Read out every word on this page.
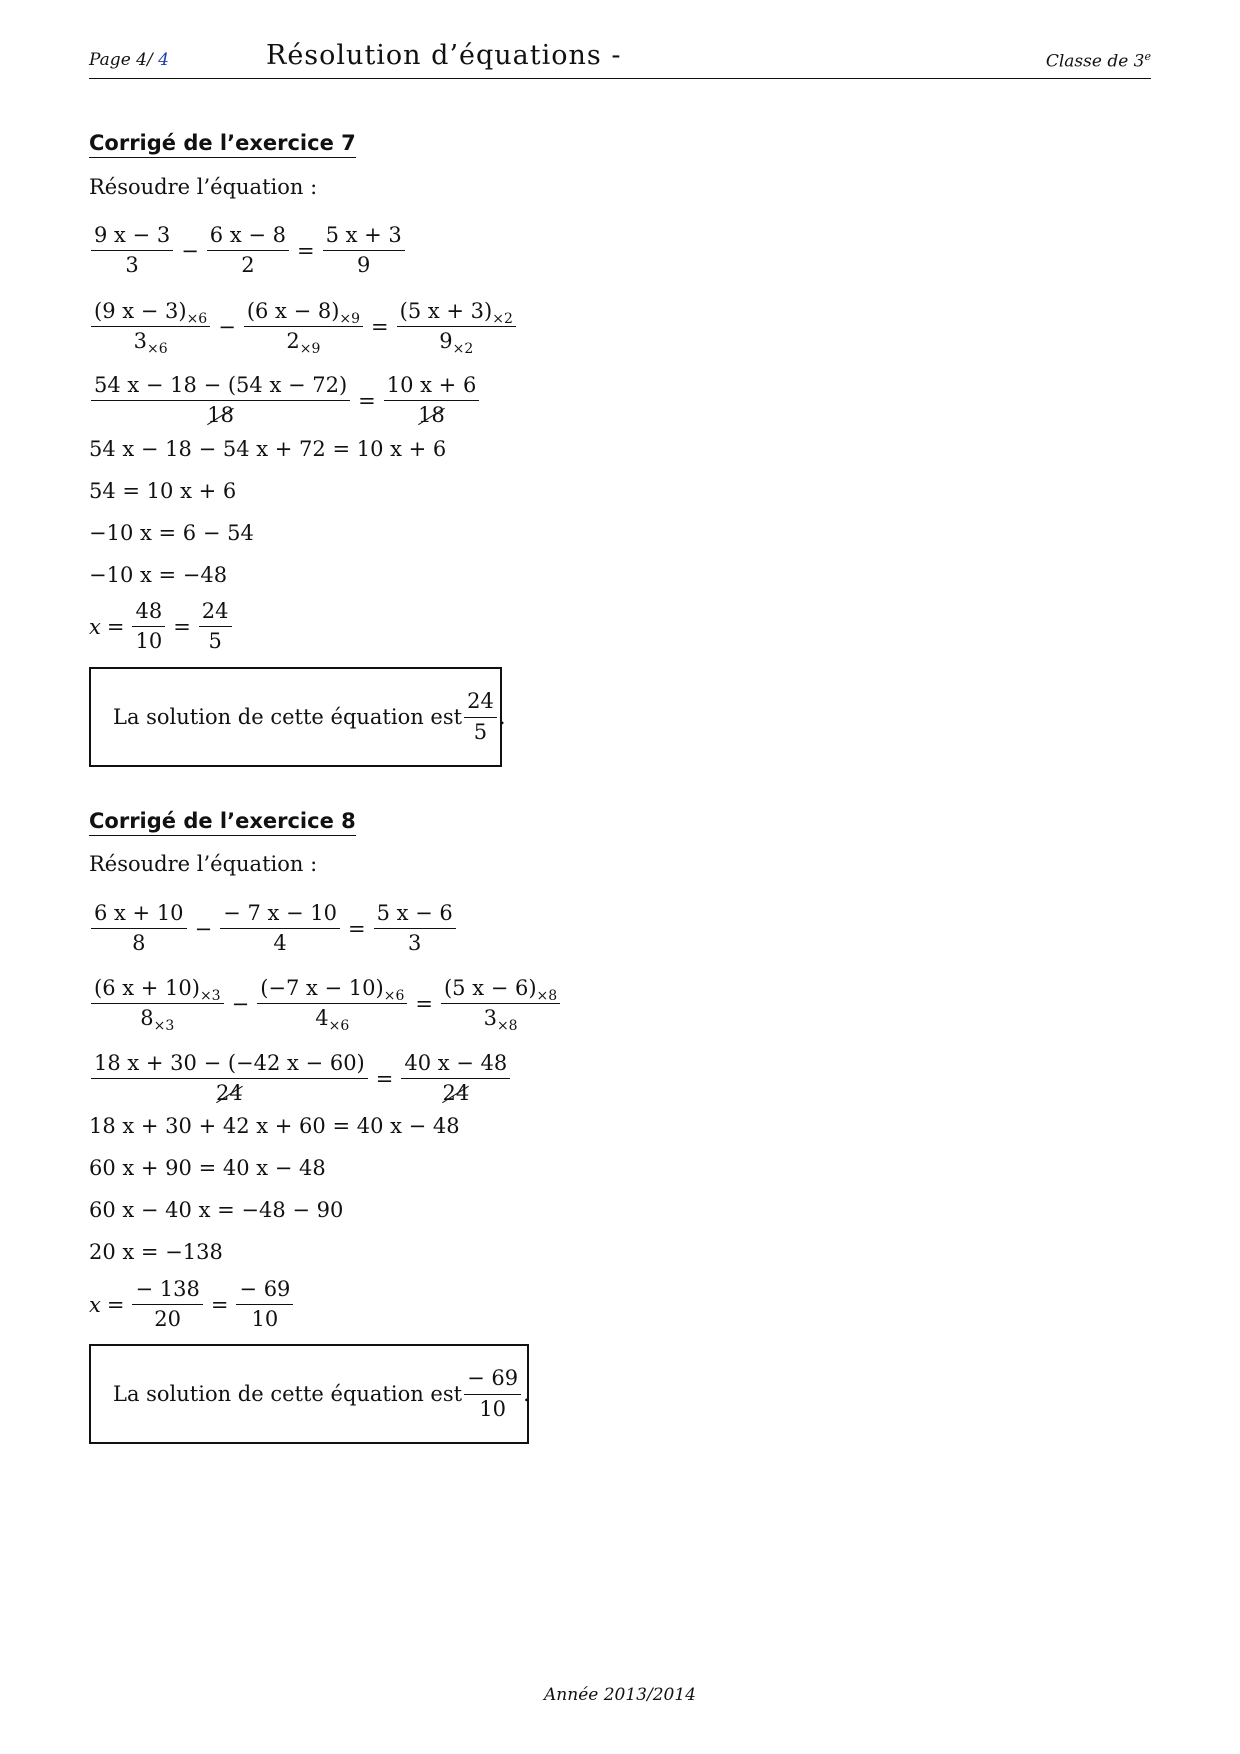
Page 4/ 4	Résolution d’équations -	Classe de 3e
Corrigé de l’exercice 7
Résoudre l’équation :
$\frac{9 x - 3}{3} - \frac{6 x - 8}{2} = \frac{5 x + 3}{9}$
$\frac{(9 x - 3)_{\times 6}}{3_{\times 6}} - \frac{(6 x - 8)_{\times 9}}{2_{\times 9}} = \frac{(5 x + 3)_{\times 2}}{9_{\times 2}}$
$\frac{54 x - 18 - (54 x - 72)}{18} = \frac{10 x + 6}{18}$
54 x − 18 − 54 x + 72 = 10 x + 6
54 = 10 x + 6
−10 x = 6 − 54
−10 x = −48
$x = \frac{48}{10} = \frac{24}{5}$
La solution de cette équation est $\frac{24}{5}$ .
Corrigé de l’exercice 8
Résoudre l’équation :
$\frac{6 x + 10}{8} - \frac{- 7 x - 10}{4} = \frac{5 x - 6}{3}$
$\frac{(6 x + 10)_{\times 3}}{8_{\times 3}} - \frac{(-7 x - 10)_{\times 6}}{4_{\times 6}} = \frac{(5 x - 6)_{\times 8}}{3_{\times 8}}$
$\frac{18 x + 30 - (-42 x - 60)}{24} = \frac{40 x - 48}{24}$
18 x + 30 + 42 x + 60 = 40 x − 48
60 x + 90 = 40 x − 48
60 x − 40 x = −48 − 90
20 x = −138
$x = \frac{- 138}{20} = \frac{- 69}{10}$
La solution de cette équation est $\frac{- 69}{10}$ .
Année 2013/2014
